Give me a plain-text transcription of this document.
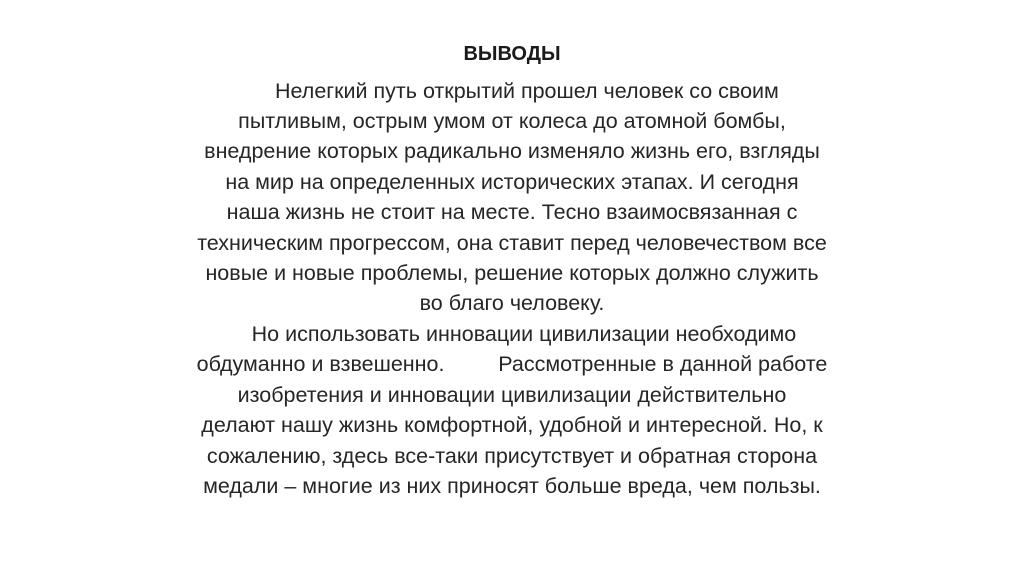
ВЫВОДЫ
Нелегкий путь открытий прошел человек со своим
пытливым, острым умом от колеса до атомной бомбы,
внедрение которых радикально изменяло жизнь его, взгляды
на мир на определенных исторических этапах. И сегодня
наша жизнь не стоит на месте. Тесно взаимосвязанная с
техническим прогрессом, она ставит перед человечеством все
новые и новые проблемы, решение которых должно служить
во благо человеку.
Но использовать инновации цивилизации необходимо
обдуманно и взвешенно.         Рассмотренные в данной работе
изобретения и инновации цивилизации действительно
делают нашу жизнь комфортной, удобной и интересной. Но, к
сожалению, здесь все-таки присутствует и обратная сторона
медали – многие из них приносят больше вреда, чем пользы.
